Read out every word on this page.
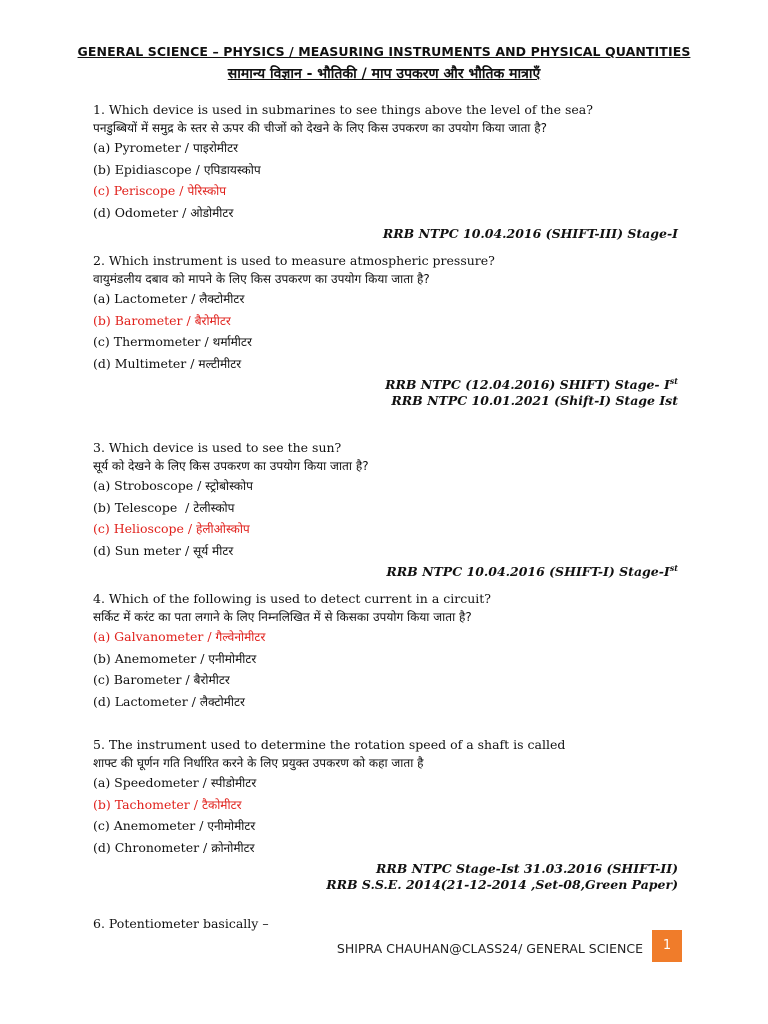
GENERAL SCIENCE – PHYSICS / MEASURING INSTRUMENTS AND PHYSICAL QUANTITIES
सामान्य विज्ञान - भौतिकी / माप उपकरण और भौतिक मात्राएँ
1. Which device is used in submarines to see things above the level of the sea?
पनडुब्बियों में समुद्र के स्तर से ऊपर की चीजों को देखने के लिए किस उपकरण का उपयोग किया जाता है?
(a) Pyrometer / पाइरोमीटर
(b) Epidiascope / एपिडायस्कोप
(c) Periscope / पेरिस्कोप
(d) Odometer / ओडोमीटर
RRB NTPC 10.04.2016 (SHIFT-III) Stage-I
2. Which instrument is used to measure atmospheric pressure?
वायुमंडलीय दबाव को मापने के लिए किस उपकरण का उपयोग किया जाता है?
(a) Lactometer / लैक्टोमीटर
(b) Barometer / बैरोमीटर
(c) Thermometer / थर्मामीटर
(d) Multimeter / मल्टीमीटर
RRB NTPC (12.04.2016) SHIFT) Stage- Ist
RRB NTPC 10.01.2021 (Shift-I) Stage Ist
3. Which device is used to see the sun?
सूर्य को देखने के लिए किस उपकरण का उपयोग किया जाता है?
(a) Stroboscope / स्ट्रोबोस्कोप
(b) Telescope  / टेलीस्कोप
(c) Helioscope / हेलीओस्कोप
(d) Sun meter / सूर्य मीटर
RRB NTPC 10.04.2016 (SHIFT-I) Stage-Ist
4. Which of the following is used to detect current in a circuit?
सर्किट में करंट का पता लगाने के लिए निम्नलिखित में से किसका उपयोग किया जाता है?
(a) Galvanometer / गैल्वेनोमीटर
(b) Anemometer / एनीमोमीटर
(c) Barometer / बैरोमीटर
(d) Lactometer / लैक्टोमीटर
5. The instrument used to determine the rotation speed of a shaft is called
शाफ्ट की घूर्णन गति निर्धारित करने के लिए प्रयुक्त उपकरण को कहा जाता है
(a) Speedometer / स्पीडोमीटर
(b) Tachometer / टैकोमीटर
(c) Anemometer / एनीमोमीटर
(d) Chronometer / क्रोनोमीटर
RRB NTPC Stage-Ist 31.03.2016 (SHIFT-II)
RRB S.S.E. 2014(21-12-2014 ,Set-08,Green Paper)
6. Potentiometer basically –
SHIPRA CHAUHAN@CLASS24/ GENERAL SCIENCE	1
